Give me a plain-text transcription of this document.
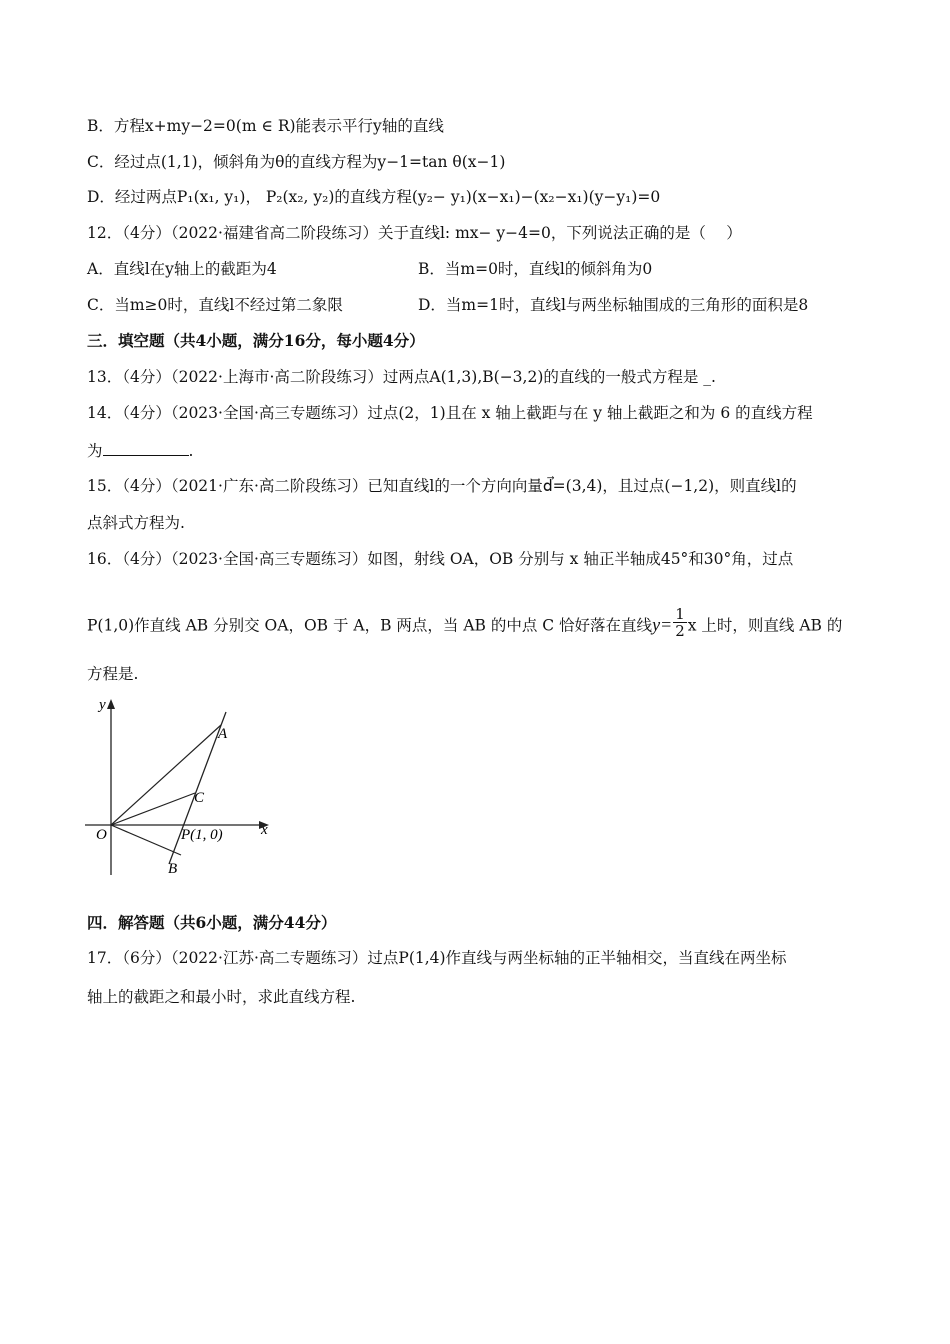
B．方程x+my−2=0(m ∈ R)能表示平行y轴的直线
C．经过点(1,1)，倾斜角为θ的直线方程为y−1=tan θ(x−1)
D．经过两点P₁(x₁, y₁)， P₂(x₂, y₂)的直线方程(y₂− y₁)(x−x₁)−(x₂−x₁)(y−y₁)=0
12．（4分）（2022·福建省高二阶段练习）关于直线l: mx− y−4=0，下列说法正确的是（　 ）
A．直线l在y轴上的截距为4	B．当m=0时，直线l的倾斜角为0
C．当m≥0时，直线l不经过第二象限	D．当m=1时，直线l与两坐标轴围成的三角形的面积是8
三．填空题（共4小题，满分16分，每小题4分）
13．（4分）（2022·上海市·高二阶段练习）过两点A(1,3),B(−3,2)的直线的一般式方程是 _.
14．（4分）（2023·全国·高三专题练习）过点(2，1)且在 x 轴上截距与在 y 轴上截距之和为 6 的直线方程
为	.
15．（4分）（2021·广东·高二阶段练习）已知直线l的一个方向向量d⃗=(3,4)，且过点(−1,2)，则直线l的
点斜式方程为.
16．（4分）（2023·全国·高三专题练习）如图，射线 OA，OB 分别与 x 轴正半轴成45°和30°角，过点
P(1,0)作直线 AB 分别交 OA，OB 于 A，B 两点，当 AB 的中点 C 恰好落在直线$y= \frac{1}{2}$ x 上时，则直线 AB 的
方程是.
y
x
O
A
C
P(1, 0)
B
四．解答题（共6小题，满分44分）
17．（6分）（2022·江苏·高二专题练习）过点P(1,4)作直线与两坐标轴的正半轴相交，当直线在两坐标
轴上的截距之和最小时，求此直线方程.
